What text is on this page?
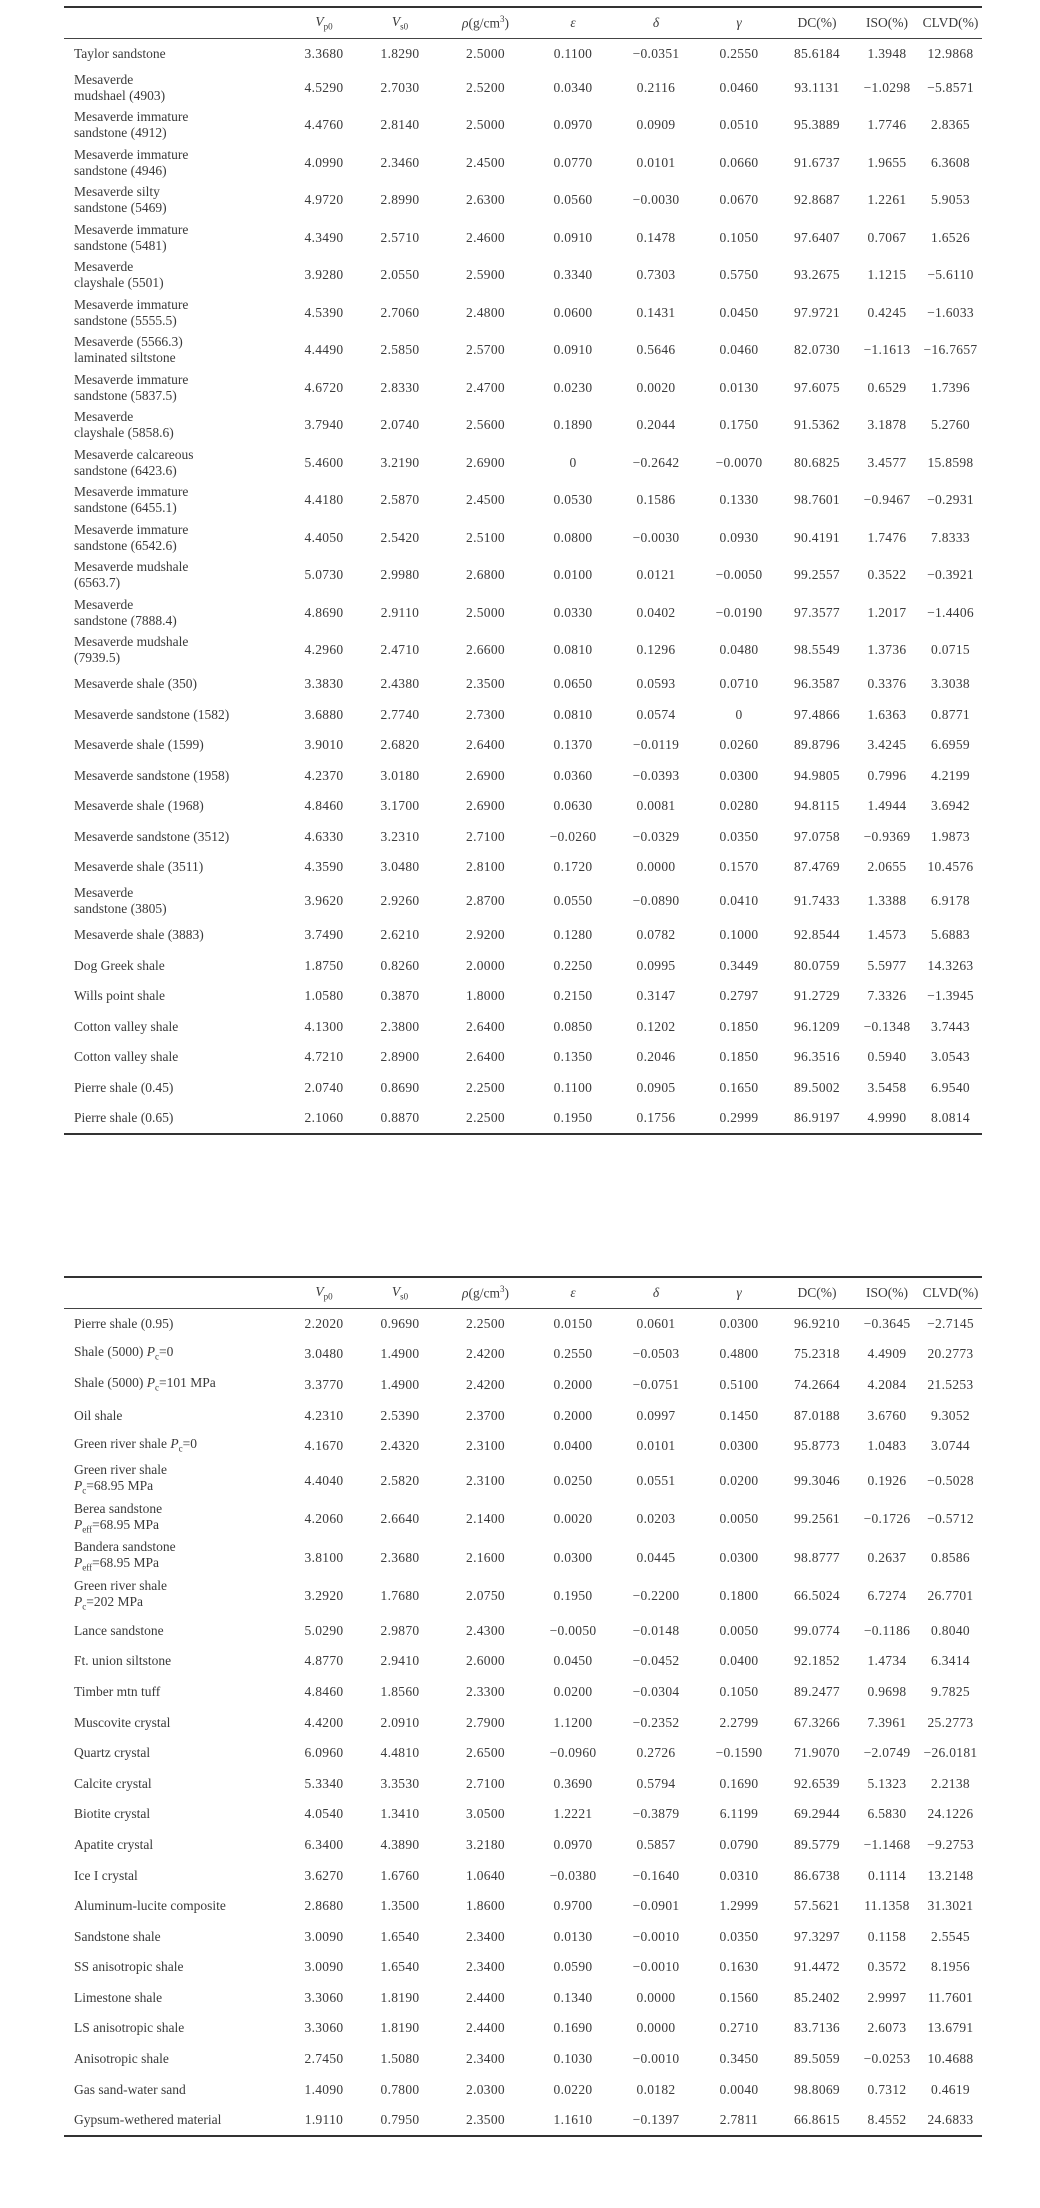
	$V_{p0}$	$V_{s0}$	$\rho(g/cm^3)$	ε	δ	γ	DC(%)	ISO(%)	CLVD(%)
Taylor sandstone	3.3680	1.8290	2.5000	0.1100	−0.0351	0.2550	85.6184	1.3948	12.9868
Mesaverde
mudshael (4903)	4.5290	2.7030	2.5200	0.0340	0.2116	0.0460	93.1131	−1.0298	−5.8571
Mesaverde immature
sandstone (4912)	4.4760	2.8140	2.5000	0.0970	0.0909	0.0510	95.3889	1.7746	2.8365
Mesaverde immature
sandstone (4946)	4.0990	2.3460	2.4500	0.0770	0.0101	0.0660	91.6737	1.9655	6.3608
Mesaverde silty
sandstone (5469)	4.9720	2.8990	2.6300	0.0560	−0.0030	0.0670	92.8687	1.2261	5.9053
Mesaverde immature
sandstone (5481)	4.3490	2.5710	2.4600	0.0910	0.1478	0.1050	97.6407	0.7067	1.6526
Mesaverde
clayshale (5501)	3.9280	2.0550	2.5900	0.3340	0.7303	0.5750	93.2675	1.1215	−5.6110
Mesaverde immature
sandstone (5555.5)	4.5390	2.7060	2.4800	0.0600	0.1431	0.0450	97.9721	0.4245	−1.6033
Mesaverde (5566.3)
laminated siltstone	4.4490	2.5850	2.5700	0.0910	0.5646	0.0460	82.0730	−1.1613	−16.7657
Mesaverde immature
sandstone (5837.5)	4.6720	2.8330	2.4700	0.0230	0.0020	0.0130	97.6075	0.6529	1.7396
Mesaverde
clayshale (5858.6)	3.7940	2.0740	2.5600	0.1890	0.2044	0.1750	91.5362	3.1878	5.2760
Mesaverde calcareous
sandstone (6423.6)	5.4600	3.2190	2.6900	0	−0.2642	−0.0070	80.6825	3.4577	15.8598
Mesaverde immature
sandstone (6455.1)	4.4180	2.5870	2.4500	0.0530	0.1586	0.1330	98.7601	−0.9467	−0.2931
Mesaverde immature
sandstone (6542.6)	4.4050	2.5420	2.5100	0.0800	−0.0030	0.0930	90.4191	1.7476	7.8333
Mesaverde mudshale
(6563.7)	5.0730	2.9980	2.6800	0.0100	0.0121	−0.0050	99.2557	0.3522	−0.3921
Mesaverde
sandstone (7888.4)	4.8690	2.9110	2.5000	0.0330	0.0402	−0.0190	97.3577	1.2017	−1.4406
Mesaverde mudshale
(7939.5)	4.2960	2.4710	2.6600	0.0810	0.1296	0.0480	98.5549	1.3736	0.0715
Mesaverde shale (350)	3.3830	2.4380	2.3500	0.0650	0.0593	0.0710	96.3587	0.3376	3.3038
Mesaverde sandstone (1582)	3.6880	2.7740	2.7300	0.0810	0.0574	0	97.4866	1.6363	0.8771
Mesaverde shale (1599)	3.9010	2.6820	2.6400	0.1370	−0.0119	0.0260	89.8796	3.4245	6.6959
Mesaverde sandstone (1958)	4.2370	3.0180	2.6900	0.0360	−0.0393	0.0300	94.9805	0.7996	4.2199
Mesaverde shale (1968)	4.8460	3.1700	2.6900	0.0630	0.0081	0.0280	94.8115	1.4944	3.6942
Mesaverde sandstone (3512)	4.6330	3.2310	2.7100	−0.0260	−0.0329	0.0350	97.0758	−0.9369	1.9873
Mesaverde shale (3511)	4.3590	3.0480	2.8100	0.1720	0.0000	0.1570	87.4769	2.0655	10.4576
Mesaverde
sandstone (3805)	3.9620	2.9260	2.8700	0.0550	−0.0890	0.0410	91.7433	1.3388	6.9178
Mesaverde shale (3883)	3.7490	2.6210	2.9200	0.1280	0.0782	0.1000	92.8544	1.4573	5.6883
Dog Greek shale	1.8750	0.8260	2.0000	0.2250	0.0995	0.3449	80.0759	5.5977	14.3263
Wills point shale	1.0580	0.3870	1.8000	0.2150	0.3147	0.2797	91.2729	7.3326	−1.3945
Cotton valley shale	4.1300	2.3800	2.6400	0.0850	0.1202	0.1850	96.1209	−0.1348	3.7443
Cotton valley shale	4.7210	2.8900	2.6400	0.1350	0.2046	0.1850	96.3516	0.5940	3.0543
Pierre shale (0.45)	2.0740	0.8690	2.2500	0.1100	0.0905	0.1650	89.5002	3.5458	6.9540
Pierre shale (0.65)	2.1060	0.8870	2.2500	0.1950	0.1756	0.2999	86.9197	4.9990	8.0814
	$V_{p0}$	$V_{s0}$	$\rho(g/cm^3)$	ε	δ	γ	DC(%)	ISO(%)	CLVD(%)
Pierre shale (0.95)	2.2020	0.9690	2.2500	0.0150	0.0601	0.0300	96.9210	−0.3645	−2.7145
Shale (5000) $P_c=0$	3.0480	1.4900	2.4200	0.2550	−0.0503	0.4800	75.2318	4.4909	20.2773
Shale (5000) $P_c=101$ MPa	3.3770	1.4900	2.4200	0.2000	−0.0751	0.5100	74.2664	4.2084	21.5253
Oil shale	4.2310	2.5390	2.3700	0.2000	0.0997	0.1450	87.0188	3.6760	9.3052
Green river shale $P_c=0$	4.1670	2.4320	2.3100	0.0400	0.0101	0.0300	95.8773	1.0483	3.0744
Green river shale
$P_c=68.95$ MPa	4.4040	2.5820	2.3100	0.0250	0.0551	0.0200	99.3046	0.1926	−0.5028
Berea sandstone
$P_{eff}=68.95$ MPa	4.2060	2.6640	2.1400	0.0020	0.0203	0.0050	99.2561	−0.1726	−0.5712
Bandera sandstone
$P_{eff}=68.95$ MPa	3.8100	2.3680	2.1600	0.0300	0.0445	0.0300	98.8777	0.2637	0.8586
Green river shale
$P_c=202$ MPa	3.2920	1.7680	2.0750	0.1950	−0.2200	0.1800	66.5024	6.7274	26.7701
Lance sandstone	5.0290	2.9870	2.4300	−0.0050	−0.0148	0.0050	99.0774	−0.1186	0.8040
Ft. union siltstone	4.8770	2.9410	2.6000	0.0450	−0.0452	0.0400	92.1852	1.4734	6.3414
Timber mtn tuff	4.8460	1.8560	2.3300	0.0200	−0.0304	0.1050	89.2477	0.9698	9.7825
Muscovite crystal	4.4200	2.0910	2.7900	1.1200	−0.2352	2.2799	67.3266	7.3961	25.2773
Quartz crystal	6.0960	4.4810	2.6500	−0.0960	0.2726	−0.1590	71.9070	−2.0749	−26.0181
Calcite crystal	5.3340	3.3530	2.7100	0.3690	0.5794	0.1690	92.6539	5.1323	2.2138
Biotite crystal	4.0540	1.3410	3.0500	1.2221	−0.3879	6.1199	69.2944	6.5830	24.1226
Apatite crystal	6.3400	4.3890	3.2180	0.0970	0.5857	0.0790	89.5779	−1.1468	−9.2753
Ice I crystal	3.6270	1.6760	1.0640	−0.0380	−0.1640	0.0310	86.6738	0.1114	13.2148
Aluminum-lucite composite	2.8680	1.3500	1.8600	0.9700	−0.0901	1.2999	57.5621	11.1358	31.3021
Sandstone shale	3.0090	1.6540	2.3400	0.0130	−0.0010	0.0350	97.3297	0.1158	2.5545
SS anisotropic shale	3.0090	1.6540	2.3400	0.0590	−0.0010	0.1630	91.4472	0.3572	8.1956
Limestone shale	3.3060	1.8190	2.4400	0.1340	0.0000	0.1560	85.2402	2.9997	11.7601
LS anisotropic shale	3.3060	1.8190	2.4400	0.1690	0.0000	0.2710	83.7136	2.6073	13.6791
Anisotropic shale	2.7450	1.5080	2.3400	0.1030	−0.0010	0.3450	89.5059	−0.0253	10.4688
Gas sand-water sand	1.4090	0.7800	2.0300	0.0220	0.0182	0.0040	98.8069	0.7312	0.4619
Gypsum-wethered material	1.9110	0.7950	2.3500	1.1610	−0.1397	2.7811	66.8615	8.4552	24.6833
